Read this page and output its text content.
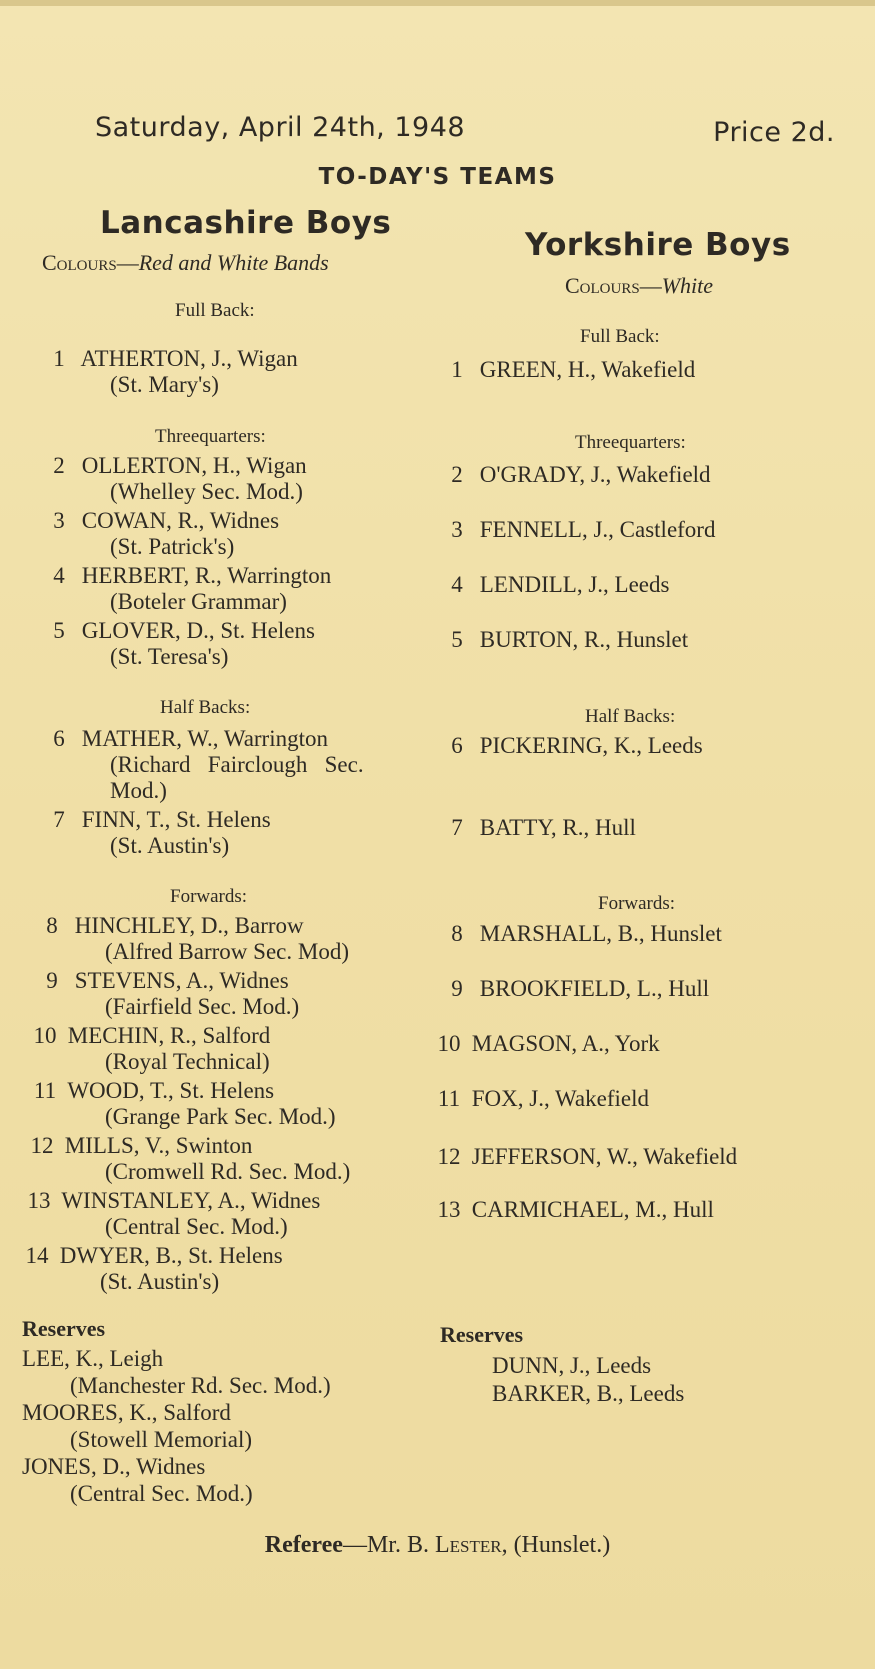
Saturday, April 24th, 1948	Price 2d.
TO-DAY'S TEAMS
Lancashire Boys
Colours—Red and White Bands
Full Back:
1 ATHERTON, J., Wigan
(St. Mary's)
Threequarters:
2 OLLERTON, H., Wigan
(Whelley Sec. Mod.)
3 COWAN, R., Widnes
(St. Patrick's)
4 HERBERT, R., Warrington
(Boteler Grammar)
5 GLOVER, D., St. Helens
(St. Teresa's)
Half Backs:
6 MATHER, W., Warrington
(Richard   Fairclough   Sec.
Mod.)
7 FINN, T., St. Helens
(St. Austin's)
Forwards:
8 HINCHLEY, D., Barrow
(Alfred Barrow Sec. Mod)
9 STEVENS, A., Widnes
(Fairfield Sec. Mod.)
10 MECHIN, R., Salford
(Royal Technical)
11 WOOD, T., St. Helens
(Grange Park Sec. Mod.)
12 MILLS, V., Swinton
(Cromwell Rd. Sec. Mod.)
13 WINSTANLEY, A., Widnes
(Central Sec. Mod.)
14 DWYER, B., St. Helens
(St. Austin's)
Reserves
LEE, K., Leigh
(Manchester Rd. Sec. Mod.)
MOORES, K., Salford
(Stowell Memorial)
JONES, D., Widnes
(Central Sec. Mod.)
Yorkshire Boys
Colours—White
Full Back:
1 GREEN, H., Wakefield
Threequarters:
2 O'GRADY, J., Wakefield
3 FENNELL, J., Castleford
4 LENDILL, J., Leeds
5 BURTON, R., Hunslet
Half Backs:
6 PICKERING, K., Leeds
7 BATTY, R., Hull
Forwards:
8 MARSHALL, B., Hunslet
9 BROOKFIELD, L., Hull
10 MAGSON, A., York
11 FOX, J., Wakefield
12 JEFFERSON, W., Wakefield
13 CARMICHAEL, M., Hull
Reserves
DUNN, J., Leeds
BARKER, B., Leeds
Referee—Mr. B. Lester, (Hunslet.)
